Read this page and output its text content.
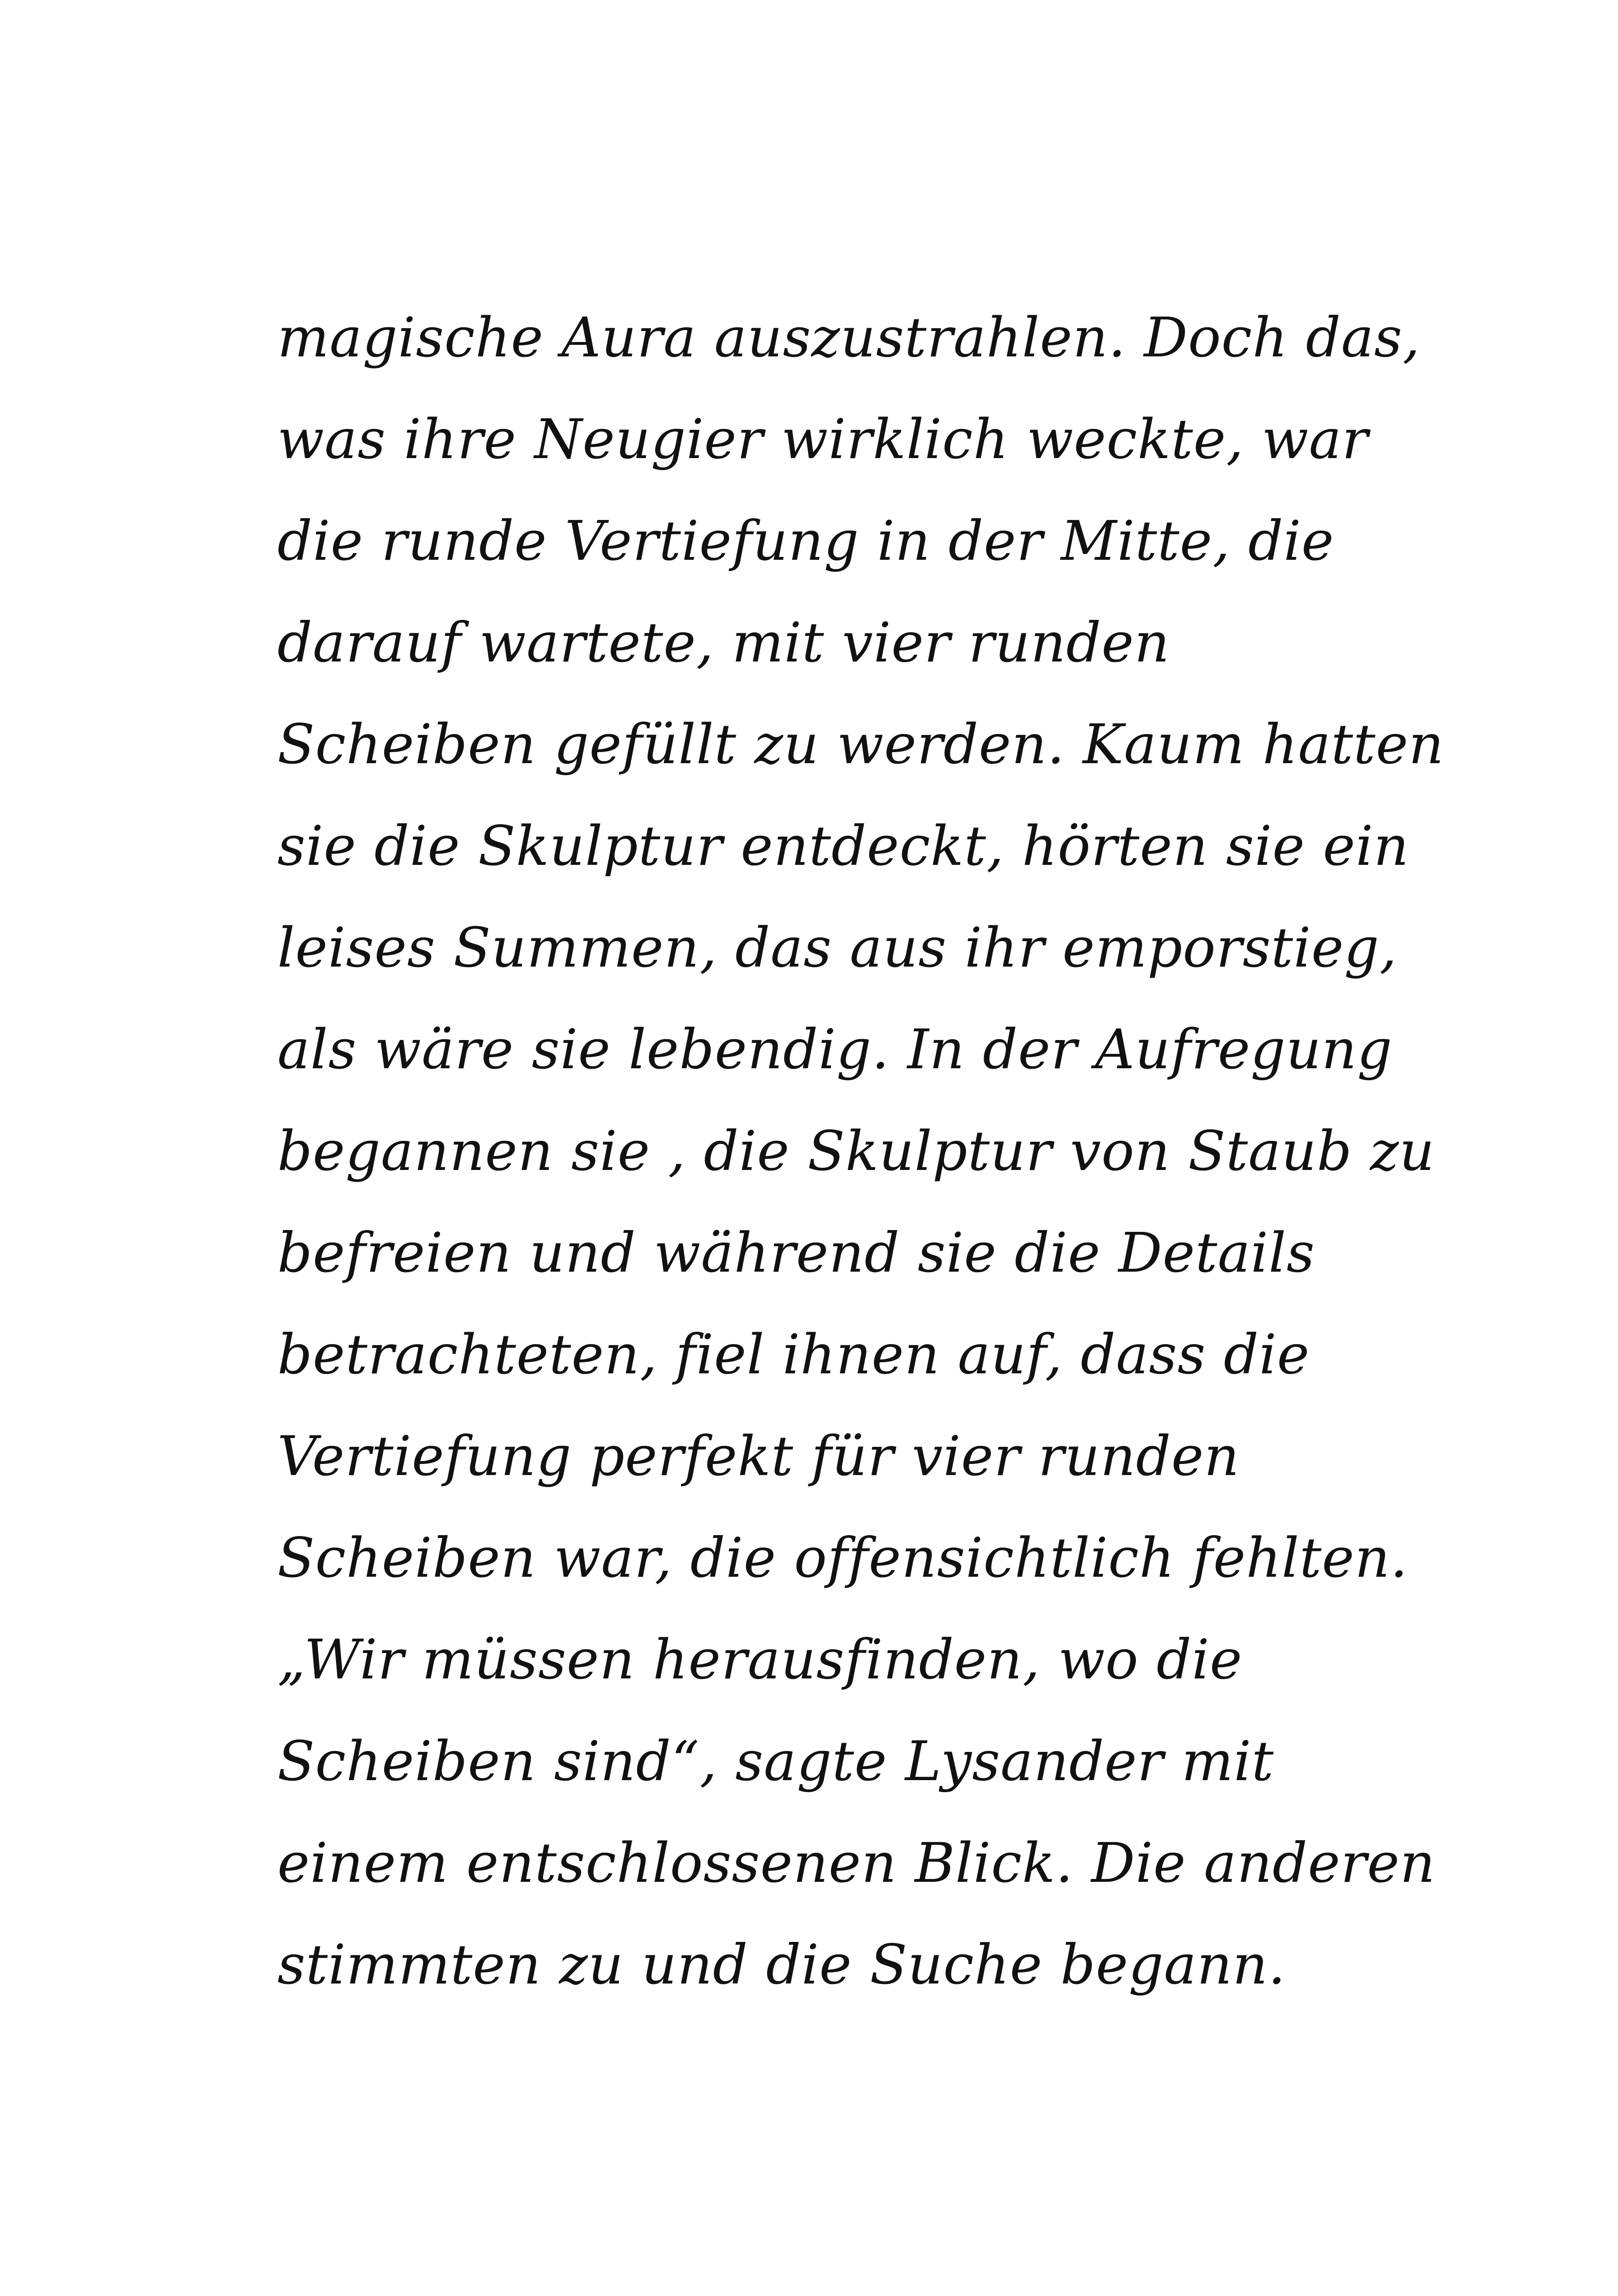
magische Aura auszustrahlen. Doch das,
was ihre Neugier wirklich weckte, war
die runde Vertiefung in der Mitte, die
darauf wartete, mit vier runden
Scheiben gefüllt zu werden. Kaum hatten
sie die Skulptur entdeckt, hörten sie ein
leises Summen, das aus ihr emporstieg,
als wäre sie lebendig. In der Aufregung
begannen sie , die Skulptur von Staub zu
befreien und während sie die Details
betrachteten, fiel ihnen auf, dass die
Vertiefung perfekt für vier runden
Scheiben war, die offensichtlich fehlten.
„Wir müssen herausfinden, wo die
Scheiben sind“, sagte Lysander mit
einem entschlossenen Blick. Die anderen
stimmten zu und die Suche begann.
